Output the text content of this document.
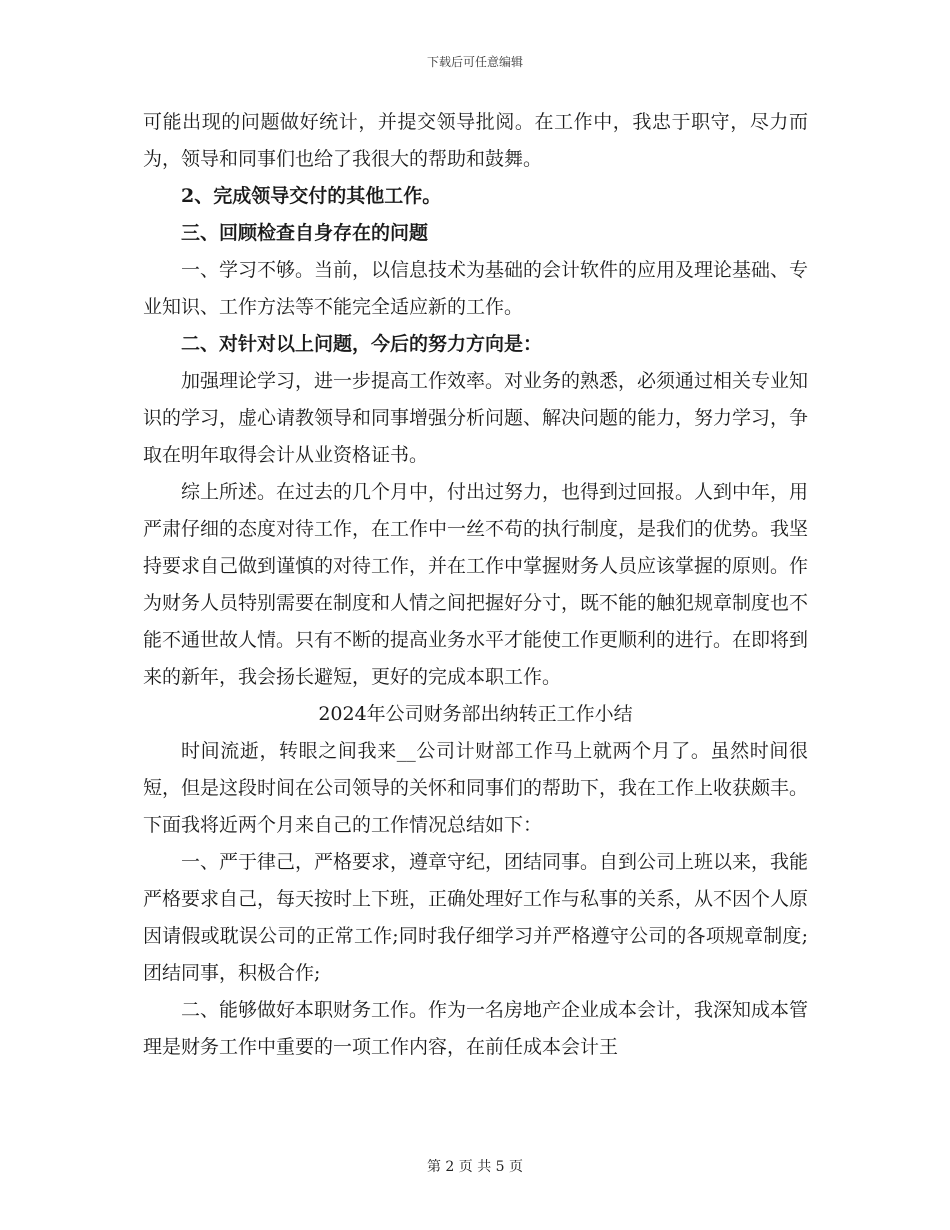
下载后可任意编辑

可能出现的问题做好统计，并提交领导批阅。在工作中，我忠于职守，尽力而为，领导和同事们也给了我很大的帮助和鼓舞。

2、完成领导交付的其他工作。

三、回顾检查自身存在的问题

一、学习不够。当前，以信息技术为基础的会计软件的应用及理论基础、专业知识、工作方法等不能完全适应新的工作。

二、对针对以上问题，今后的努力方向是：

加强理论学习，进一步提高工作效率。对业务的熟悉，必须通过相关专业知识的学习，虚心请教领导和同事增强分析问题、解决问题的能力，努力学习，争取在明年取得会计从业资格证书。

综上所述。在过去的几个月中，付出过努力，也得到过回报。人到中年，用严肃仔细的态度对待工作，在工作中一丝不苟的执行制度，是我们的优势。我坚持要求自己做到谨慎的对待工作，并在工作中掌握财务人员应该掌握的原则。作为财务人员特别需要在制度和人情之间把握好分寸，既不能的触犯规章制度也不能不通世故人情。只有不断的提高业务水平才能使工作更顺利的进行。在即将到来的新年，我会扬长避短，更好的完成本职工作。

2024年公司财务部出纳转正工作小结

时间流逝，转眼之间我来__公司计财部工作马上就两个月了。虽然时间很短，但是这段时间在公司领导的关怀和同事们的帮助下，我在工作上收获颇丰。下面我将近两个月来自己的工作情况总结如下：

一、严于律己，严格要求，遵章守纪，团结同事。自到公司上班以来，我能严格要求自己，每天按时上下班，正确处理好工作与私事的关系，从不因个人原因请假或耽误公司的正常工作;同时我仔细学习并严格遵守公司的各项规章制度;团结同事，积极合作;

二、能够做好本职财务工作。作为一名房地产企业成本会计，我深知成本管理是财务工作中重要的一项工作内容，在前任成本会计王

第 2 页 共 5 页
